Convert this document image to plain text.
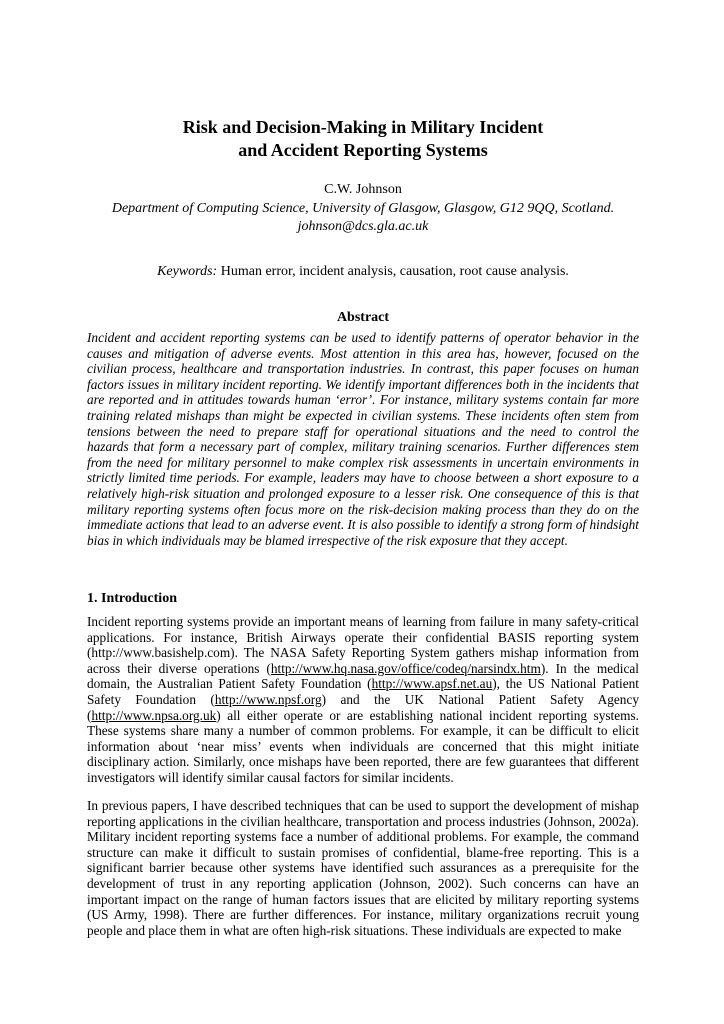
Risk and Decision-Making in Military Incident
and Accident Reporting Systems
C.W. Johnson
Department of Computing Science, University of Glasgow, Glasgow, G12 9QQ, Scotland.
johnson@dcs.gla.ac.uk
Keywords: Human error, incident analysis, causation, root cause analysis.
Abstract

Incident and accident reporting systems can be used to identify patterns of operator behavior in the causes and mitigation of adverse events. Most attention in this area has, however, focused on the civilian process, healthcare and transportation industries. In contrast, this paper focuses on human factors issues in military incident reporting. We identify important differences both in the incidents that are reported and in attitudes towards human ‘error’. For instance, military systems contain far more training related mishaps than might be expected in civilian systems. These incidents often stem from tensions between the need to prepare staff for operational situations and the need to control the hazards that form a necessary part of complex, military training scenarios. Further differences stem from the need for military personnel to make complex risk assessments in uncertain environments in strictly limited time periods. For example, leaders may have to choose between a short exposure to a relatively high-risk situation and prolonged exposure to a lesser risk. One consequence of this is that military reporting systems often focus more on the risk-decision making process than they do on the immediate actions that lead to an adverse event. It is also possible to identify a strong form of hindsight bias in which individuals may be blamed irrespective of the risk exposure that they accept.

1. Introduction

Incident reporting systems provide an important means of learning from failure in many safety-critical applications. For instance, British Airways operate their confidential BASIS reporting system (http://www.basishelp.com). The NASA Safety Reporting System gathers mishap information from across their diverse operations (http://www.hq.nasa.gov/office/codeq/narsindx.htm). In the medical domain, the Australian Patient Safety Foundation (http://www.apsf.net.au), the US National Patient Safety Foundation (http://www.npsf.org) and the UK National Patient Safety Agency (http://www.npsa.org.uk) all either operate or are establishing national incident reporting systems. These systems share many a number of common problems. For example, it can be difficult to elicit information about ‘near miss’ events when individuals are concerned that this might initiate disciplinary action. Similarly, once mishaps have been reported, there are few guarantees that different investigators will identify similar causal factors for similar incidents.

In previous papers, I have described techniques that can be used to support the development of mishap reporting applications in the civilian healthcare, transportation and process industries (Johnson, 2002a). Military incident reporting systems face a number of additional problems. For example, the command structure can make it difficult to sustain promises of confidential, blame-free reporting. This is a significant barrier because other systems have identified such assurances as a prerequisite for the development of trust in any reporting application (Johnson, 2002). Such concerns can have an important impact on the range of human factors issues that are elicited by military reporting systems (US Army, 1998). There are further differences. For instance, military organizations recruit young people and place them in what are often high-risk situations. These individuals are expected to make
